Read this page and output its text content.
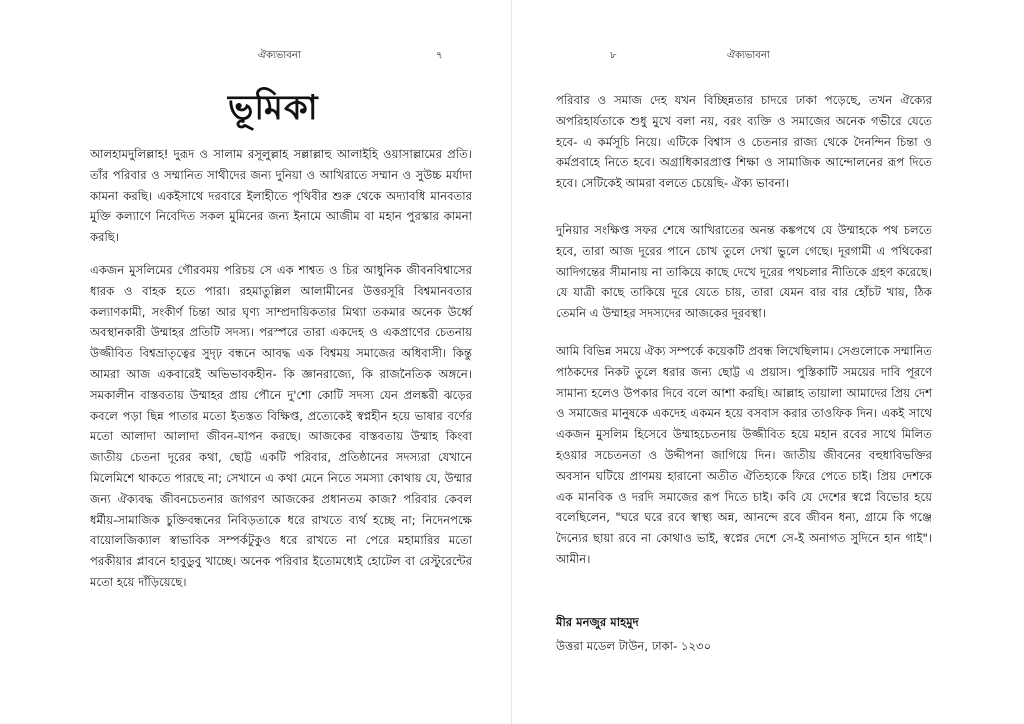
ঐক্যভাবনা	৭
ভূমিকা

আলহামদুলিল্লাহ! দুরূদ ও সালাম রসূলুল্লাহ সল্লাল্লাহু আলাইহি ওয়াসাল্লামের প্রতি। তাঁর পরিবার ও সম্মানিত সাথীদের জন্য দুনিয়া ও আখিরাতে সম্মান ও সুউচ্চ মর্যাদা কামনা করছি। একইসাথে দরবারে ইলাহীতে পৃথিবীর শুরু থেকে অদ্যাবধি মানবতার মুক্তি কল্যাণে নিবেদিত সকল মুমিনের জন্য ইনামে আজীম বা মহান পুরস্কার কামনা করছি।

একজন মুসলিমের গৌরবময় পরিচয় সে এক শাশ্বত ও চির আধুনিক জীবনবিশ্বাসের ধারক ও বাহক হতে পারা। রহমাতুল্লিল আলামীনের উত্তরসূরি বিশ্বমানবতার কল্যাণকামী, সংকীর্ণ চিন্তা আর ঘৃণ্য সাম্প্রদায়িকতার মিথ্যা তকমার অনেক উর্ধ্বে অবস্থানকারী উম্মাহর প্রতিটি সদস্য। পরস্পরে তারা একদেহ ও একপ্রাণের চেতনায় উজ্জীবিত বিশ্বভ্রাতৃত্বের সুদৃঢ় বন্ধনে আবদ্ধ এক বিশ্বময় সমাজের অধিবাসী। কিন্তু আমরা আজ একবারেই অভিভাবকহীন- কি জ্ঞানরাজ্যে, কি রাজনৈতিক অঙ্গনে। সমকালীন বাস্তবতায় উম্মাহর প্রায় পৌনে দু'শো কোটি সদস্য যেন প্রলঙ্করী ঝড়ের কবলে পড়া ছিন্ন পাতার মতো ইতস্তত বিক্ষিপ্ত, প্রত্যেকেই স্বপ্নহীন হয়ে ভাষার বর্ণের মতো আলাদা আলাদা জীবন-যাপন করছে। আজকের বাস্তবতায় উম্মাহ কিংবা জাতীয় চেতনা দূরের কথা, ছোট্ট একটি পরিবার, প্রতিষ্ঠানের সদস্যরা যেখানে মিলেমিশে থাকতে পারছে না; সেখানে এ কথা মেনে নিতে সমস্যা কোথায় যে, উম্মার জন্য ঐক্যবদ্ধ জীবনচেতনার জাগরণ আজকের প্রধানতম কাজ? পরিবার কেবল ধর্মীয়-সামাজিক চুক্তিবন্ধনের নিবিড়তাকে ধরে রাখতে ব্যর্থ হচ্ছে না; নিদেনপক্ষে বায়োলজিক্যাল স্বাভাবিক সম্পর্কটুকুও ধরে রাখতে না পেরে মহামারির মতো পরকীয়ার প্লাবনে হাবুডুবু খাচ্ছে। অনেক পরিবার ইতোমধ্যেই হোটেল বা রেস্টুরেন্টের মতো হয়ে দাঁড়িয়েছে।

৮	ঐক্যভাবনা

পরিবার ও সমাজ দেহ যখন বিচ্ছিন্নতার চাদরে ঢাকা পড়েছে, তখন ঐক্যের অপরিহার্যতাকে শুধু মুখে বলা নয়, বরং ব্যক্তি ও সমাজের অনেক গভীরে যেতে হবে- এ কর্মসূচি নিয়ে। এটিকে বিশ্বাস ও চেতনার রাজ্য থেকে দৈনন্দিন চিন্তা ও কর্মপ্রবাহে নিতে হবে। অগ্রাধিকারপ্রাপ্ত শিক্ষা ও সামাজিক আন্দোলনের রূপ দিতে হবে। সেটিকেই আমরা বলতে চেয়েছি- ঐক্য ভাবনা।

দুনিয়ার সংক্ষিপ্ত সফর শেষে আখিরাতের অনন্ত কঙ্কপথে যে উম্মাহকে পথ চলতে হবে, তারা আজ দূরের পানে চোখ তুলে দেখা ভুলে গেছে। দূরগামী এ পথিকেরা আদিগন্তের সীমানায় না তাকিয়ে কাছে দেখে দূরের পথচলার নীতিকে গ্রহণ করেছে। যে যাত্রী কাছে তাকিয়ে দূরে যেতে চায়, তারা যেমন বার বার হোঁচট খায়, ঠিক তেমনি এ উম্মাহর সদস্যদের আজকের দূরবস্থা।

আমি বিভিন্ন সময়ে ঐক্য সম্পর্কে কয়েকটি প্রবন্ধ লিখেছিলাম। সেগুলোকে সম্মানিত পাঠকদের নিকট তুলে ধরার জন্য ছোট্ট এ প্রয়াস। পুস্তিকাটি সময়ের দাবি পূরণে সামান্য হলেও উপকার দিবে বলে আশা করছি। আল্লাহ তায়ালা আমাদের প্রিয় দেশ ও সমাজের মানুষকে একদেহ একমন হয়ে বসবাস করার তাওফিক দিন। একই সাথে একজন মুসলিম হিসেবে উম্মাহচেতনায় উজ্জীবিত হয়ে মহান রবের সাথে মিলিত হওয়ার সচেতনতা ও উদ্দীপনা জাগিয়ে দিন। জাতীয় জীবনের বহুধাবিভক্তির অবসান ঘটিয়ে প্রাণময় হারানো অতীত ঐতিহ্যকে ফিরে পেতে চাই। প্রিয় দেশকে এক মানবিক ও দরদি সমাজের রূপ দিতে চাই। কবি যে দেশের স্বপ্নে বিভোর হয়ে বলেছিলেন, "ঘরে ঘরে রবে স্বাস্থ্য অন্ন, আনন্দে রবে জীবন ধন্য, গ্রামে কি গঞ্জে দৈন্যের ছায়া রবে না কোথাও ভাই, স্বপ্নের দেশে সে-ই অনাগত সুদিনে হান গাই"। আমীন।

মীর মনজুর মাহমুদ
উত্তরা মডেল টাউন, ঢাকা- ১২৩০
